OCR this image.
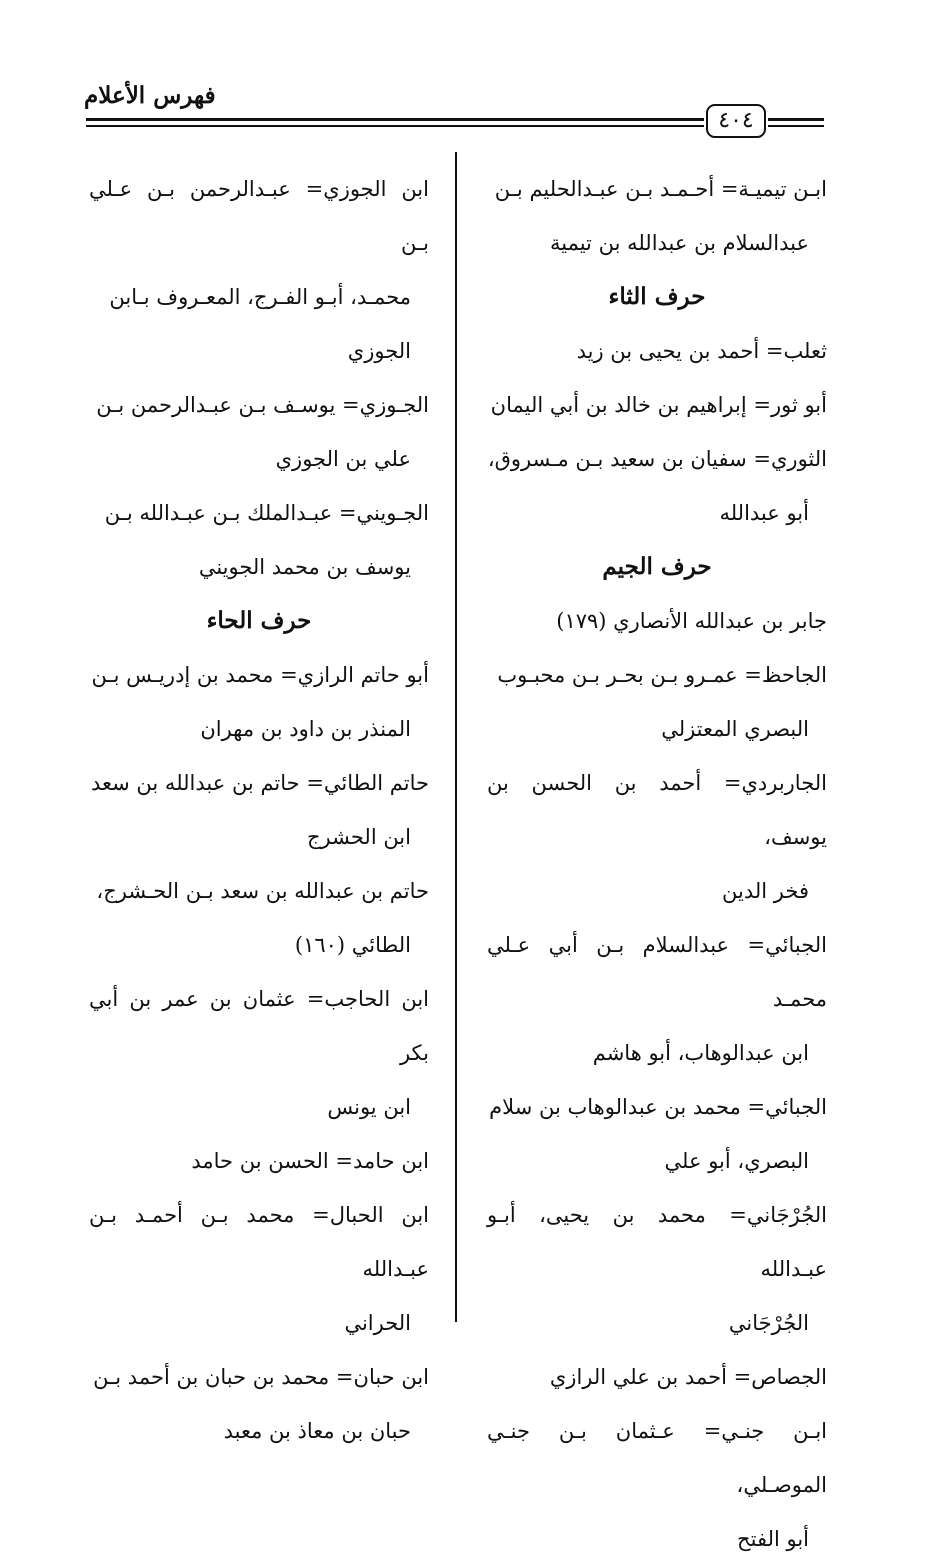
فهرس الأعلام
٤٠٤
ابـن تيميـة= أحـمـد بـن عبـدالحليم بـن
عبدالسلام بن عبدالله بن تيمية
حرف الثاء
ثعلب= أحمد بن يحيى بن زيد
أبو ثور= إبراهيم بن خالد بن أبي اليمان
الثوري= سفيان بن سعيد بـن مـسروق،
أبو عبدالله
حرف الجيم
جابر بن عبدالله الأنصاري (١٧٩)
الجاحظ= عمـرو بـن بحـر بـن محبـوب
البصري المعتزلي
الجاربردي= أحمد بن الحسن بن يوسف،
فخر الدين
الجبائي= عبدالسلام بـن أبي عـلي محمـد
ابن عبدالوهاب، أبو هاشم
الجبائي= محمد بن عبدالوهاب بن سلام
البصري، أبو علي
الجُرْجَاني= محمد بن يحيى، أبـو عبـدالله
الجُرْجَاني
الجصاص= أحمد بن علي الرازي
ابـن جنـي= عـثمان بـن جنـي الموصـلي،
أبو الفتح
ابن الجوزي= عبـدالرحمن بـن عـلي بـن
محمـد، أبـو الفـرج، المعـروف بـابن
الجوزي
الجـوزي= يوسـف بـن عبـدالرحمن بـن
علي بن الجوزي
الجـويني= عبـدالملك بـن عبـدالله بـن
يوسف بن محمد الجويني
حرف الحاء
أبو حاتم الرازي= محمد بن إدريـس بـن
المنذر بن داود بن مهران
حاتم الطائي= حاتم بن عبدالله بن سعد
ابن الحشرج
حاتم بن عبدالله بن سعد بـن الحـشرج،
الطائي (١٦٠)
ابن الحاجب= عثمان بن عمر بن أبي بكر
ابن يونس
ابن حامد= الحسن بن حامد
ابن الحبال= محمد بـن أحمـد بـن عبـدالله
الحراني
ابن حبان= محمد بن حبان بن أحمد بـن
حبان بن معاذ بن معبد
